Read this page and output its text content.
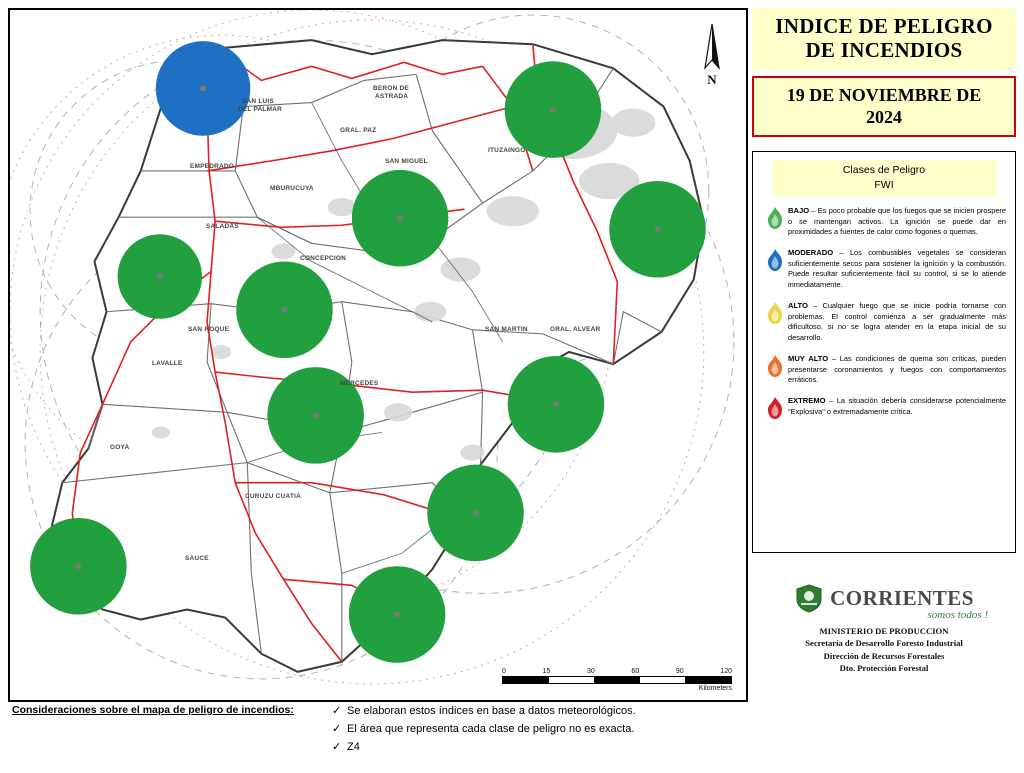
SAN LUIS
DEL PALMAR
GRAL. PAZ
BERON DE
ASTRADA
ITUZAINGO
SAN MIGUEL
EMPEDRADO
MBURUCUYA
SALADAS
CONCEPCION
SAN ROQUE	SAN MARTIN	GRAL. ALVEAR
LAVALLE
MERCEDES
GOYA
CURUZU CUATIA
SAUCE
N
0	15	30	60	90	120
Kilometers
INDICE DE PELIGRO
DE INCENDIOS
19 DE NOVIEMBRE DE
2024
Clases de Peligro
FWI
BAJO – Es poco probable que los fuegos que se inicien prospere o se mantengan activos. La ignición se puede dar en proximidades a fuentes de calor como fogones o quemas.
MODERADO – Los combustibles vegetales se consideran suficientemente secos para sostener la ignición y la combustión. Puede resultar suficientemente fácil su control, si se lo atiende inmediatamente.
ALTO – Cualquier fuego que se inicie podría tornarse con problemas. El control comienza a ser gradualmente más dificultoso, si no se logra atender en la etapa inicial de su desarrollo.
MUY ALTO – Las condiciones de quema son críticas, pueden presentarse coronamientos y fuegos con comportamientos erráticos.
EXTREMO – La situación debería considerarse potencialmente "Explosiva" o extremadamente crítica.
CORRIENTES
somos todos !
MINISTERIO DE PRODUCCION
Secretaría de Desarrollo Foresto Industrial
Dirección de Recursos Forestales
Dto. Protección Forestal
Consideraciones sobre el mapa de peligro de incendios:	✓ Se elaboran estos índices en base a datos meteorológicos.
✓ El área que representa cada clase de peligro no es exacta.
✓ Z4
